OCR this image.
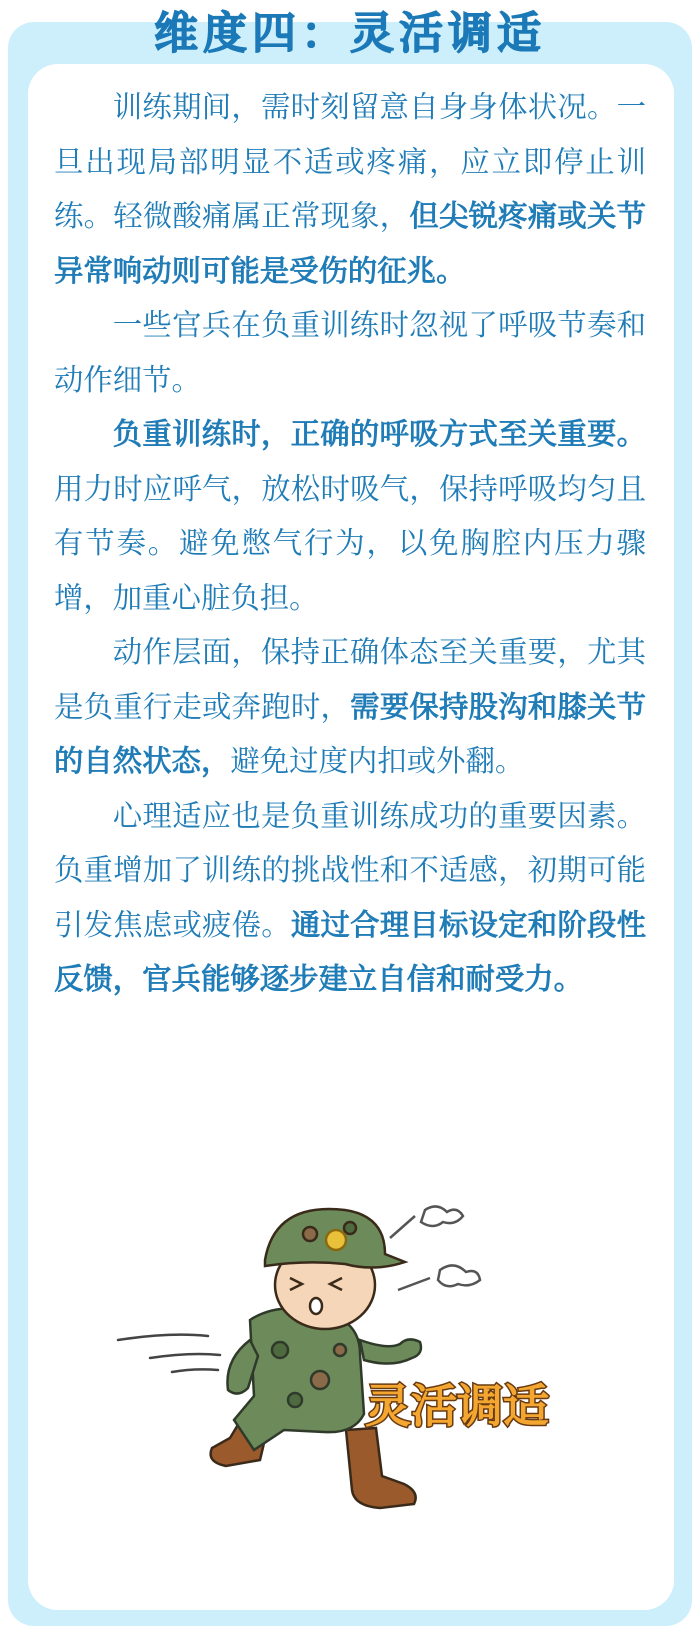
维度四：灵活调适

训练期间，需时刻留意自身身体状况。一旦出现局部明显不适或疼痛，应立即停止训练。轻微酸痛属正常现象，但尖锐疼痛或关节异常响动则可能是受伤的征兆。

一些官兵在负重训练时忽视了呼吸节奏和动作细节。

负重训练时，正确的呼吸方式至关重要。用力时应呼气，放松时吸气，保持呼吸均匀且有节奏。避免憋气行为，以免胸腔内压力骤增，加重心脏负担。

动作层面，保持正确体态至关重要，尤其是负重行走或奔跑时，需要保持股沟和膝关节的自然状态，避免过度内扣或外翻。

心理适应也是负重训练成功的重要因素。负重增加了训练的挑战性和不适感，初期可能引发焦虑或疲倦。通过合理目标设定和阶段性反馈，官兵能够逐步建立自信和耐受力。

灵活调适
